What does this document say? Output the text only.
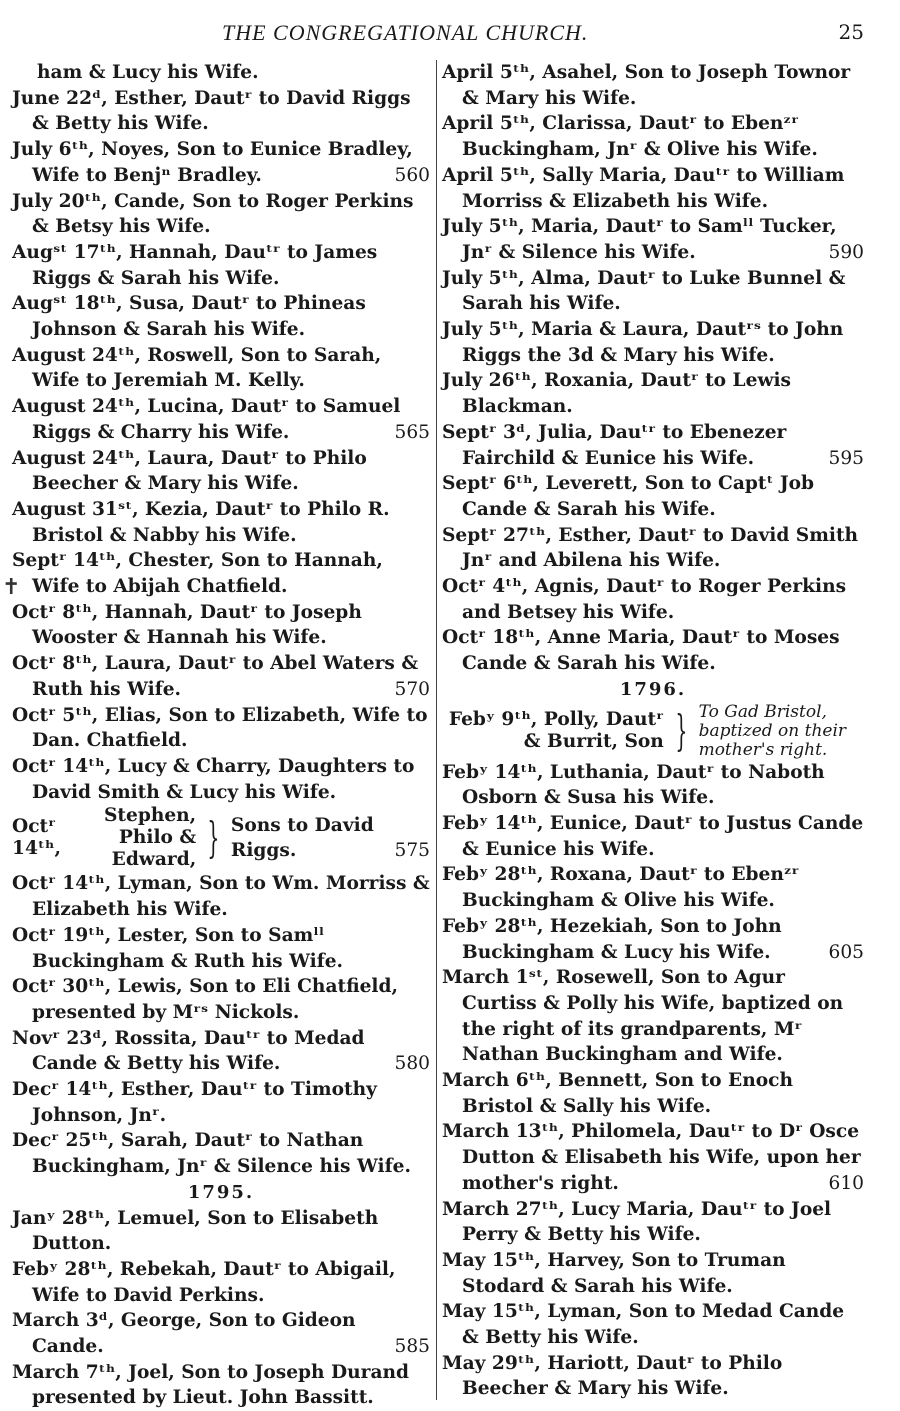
THE CONGREGATIONAL CHURCH.	25
✝
ham & Lucy his Wife.
June 22ᵈ, Esther, Dautʳ to David Riggs & Betty his Wife.
July 6ᵗʰ, Noyes, Son to Eunice Bradley, Wife to Benjⁿ Bradley.	560
July 20ᵗʰ, Cande, Son to Roger Perkins & Betsy his Wife.
Augˢᵗ 17ᵗʰ, Hannah, Dauᵗʳ to James Riggs & Sarah his Wife.
Augˢᵗ 18ᵗʰ, Susa, Dautʳ to Phineas Johnson & Sarah his Wife.
August 24ᵗʰ, Roswell, Son to Sarah, Wife to Jeremiah M. Kelly.
August 24ᵗʰ, Lucina, Dautʳ to Samuel Riggs & Charry his Wife.	565
August 24ᵗʰ, Laura, Dautʳ to Philo Beecher & Mary his Wife.
August 31ˢᵗ, Kezia, Dautʳ to Philo R. Bristol & Nabby his Wife.
Septʳ 14ᵗʰ, Chester, Son to Hannah, Wife to Abijah Chatfield.
Octʳ 8ᵗʰ, Hannah, Dautʳ to Joseph Wooster & Hannah his Wife.
Octʳ 8ᵗʰ, Laura, Dautʳ to Abel Waters & Ruth his Wife.	570
Octʳ 5ᵗʰ, Elias, Son to Elizabeth, Wife to Dan. Chatfield.
Octʳ 14ᵗʰ, Lucy & Charry, Daughters to David Smith & Lucy his Wife.
Octʳ 14ᵗʰ,
Stephen,
Philo &
Edward, } Sons to David Riggs.	575
Octʳ 14ᵗʰ, Lyman, Son to Wm. Morriss & Elizabeth his Wife.
Octʳ 19ᵗʰ, Lester, Son to Samˡˡ Buckingham & Ruth his Wife.
Octʳ 30ᵗʰ, Lewis, Son to Eli Chatfield, presented by Mʳˢ Nickols.
Novʳ 23ᵈ, Rossita, Dauᵗʳ to Medad Cande & Betty his Wife.	580
Decʳ 14ᵗʰ, Esther, Dauᵗʳ to Timothy Johnson, Jnʳ.
Decʳ 25ᵗʰ, Sarah, Dautʳ to Nathan Buckingham, Jnʳ & Silence his Wife.
1795.
Janʸ 28ᵗʰ, Lemuel, Son to Elisabeth Dutton.
Febʸ 28ᵗʰ, Rebekah, Dautʳ to Abigail, Wife to David Perkins.
March 3ᵈ, George, Son to Gideon Cande.	585
March 7ᵗʰ, Joel, Son to Joseph Durand presented by Lieut. John Bassitt.
April 5ᵗʰ, Asahel, Son to Joseph Townor & Mary his Wife.
April 5ᵗʰ, Clarissa, Dautʳ to Ebenᶻʳ Buckingham, Jnʳ & Olive his Wife.
April 5ᵗʰ, Sally Maria, Dauᵗʳ to William Morriss & Elizabeth his Wife.
July 5ᵗʰ, Maria, Dautʳ to Samˡˡ Tucker, Jnʳ & Silence his Wife.	590
July 5ᵗʰ, Alma, Dautʳ to Luke Bunnel & Sarah his Wife.
July 5ᵗʰ, Maria & Laura, Dautʳˢ to John Riggs the 3d & Mary his Wife.
July 26ᵗʰ, Roxania, Dautʳ to Lewis Blackman.
Septʳ 3ᵈ, Julia, Dauᵗʳ to Ebenezer Fairchild & Eunice his Wife.	595
Septʳ 6ᵗʰ, Leverett, Son to Captᵗ Job Cande & Sarah his Wife.
Septʳ 27ᵗʰ, Esther, Dautʳ to David Smith Jnʳ and Abilena his Wife.
Octʳ 4ᵗʰ, Agnis, Dautʳ to Roger Perkins and Betsey his Wife.
Octʳ 18ᵗʰ, Anne Maria, Dautʳ to Moses Cande & Sarah his Wife.
1796.
Febʸ 9ᵗʰ, Polly, Dautʳ
& Burrit, Son } To Gad Bristol, baptized on their mother's right.
Febʸ 14ᵗʰ, Luthania, Dautʳ to Naboth Osborn & Susa his Wife.
Febʸ 14ᵗʰ, Eunice, Dautʳ to Justus Cande & Eunice his Wife.
Febʸ 28ᵗʰ, Roxana, Dautʳ to Ebenᶻʳ Buckingham & Olive his Wife.
Febʸ 28ᵗʰ, Hezekiah, Son to John Buckingham & Lucy his Wife.	605
March 1ˢᵗ, Rosewell, Son to Agur Curtiss & Polly his Wife, baptized on the right of its grandparents, Mʳ Nathan Buckingham and Wife.
March 6ᵗʰ, Bennett, Son to Enoch Bristol & Sally his Wife.
March 13ᵗʰ, Philomela, Dauᵗʳ to Dʳ Osce Dutton & Elisabeth his Wife, upon her mother's right.	610
March 27ᵗʰ, Lucy Maria, Dauᵗʳ to Joel Perry & Betty his Wife.
May 15ᵗʰ, Harvey, Son to Truman Stodard & Sarah his Wife.
May 15ᵗʰ, Lyman, Son to Medad Cande & Betty his Wife.
May 29ᵗʰ, Hariott, Dautʳ to Philo Beecher & Mary his Wife.
